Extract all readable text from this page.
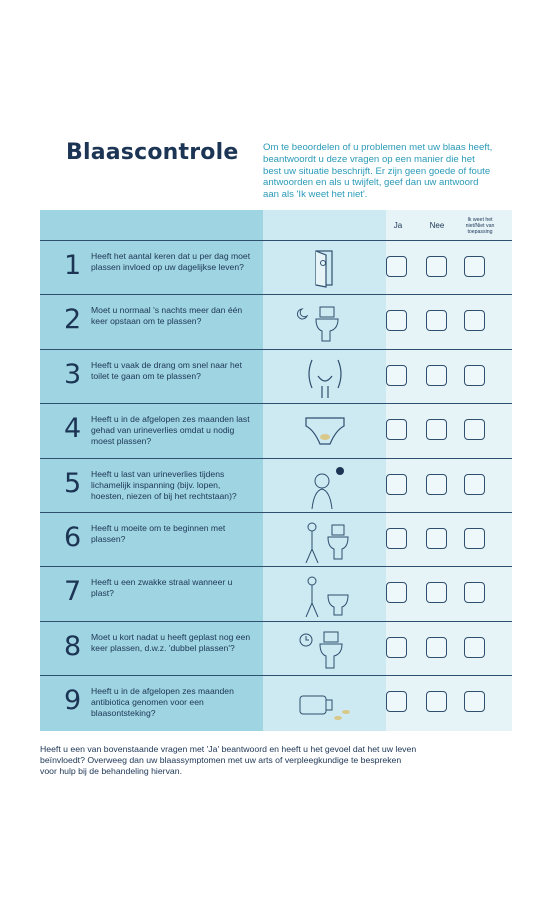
Blaascontrole	Om te beoordelen of u problemen met uw blaas heeft, beantwoordt u deze vragen op een manier die het best uw situatie beschrijft. Er zijn geen goede of foute antwoorden en als u twijfelt, geef dan uw antwoord aan als 'Ik weet het niet'.
Ja	Nee
Ik weet het niet/Niet van toepassing
1 Heeft het aantal keren dat u per dag moet plassen invloed op uw dagelijkse leven?
2 Moet u normaal 's nachts meer dan één keer opstaan om te plassen?
3 Heeft u vaak de drang om snel naar het toilet te gaan om te plassen?
4 Heeft u in de afgelopen zes maanden last gehad van urineverlies omdat u nodig moest plassen?
5 Heeft u last van urineverlies tijdens lichamelijk inspanning (bijv. lopen, hoesten, niezen of bij het rechtstaan)?
6 Heeft u moeite om te beginnen met plassen?
7 Heeft u een zwakke straal wanneer u plast?
8 Moet u kort nadat u heeft geplast nog een keer plassen, d.w.z. 'dubbel plassen'?
9 Heeft u in de afgelopen zes maanden antibiotica genomen voor een blaasontsteking?
Heeft u een van bovenstaande vragen met 'Ja' beantwoord en heeft u het gevoel dat het uw leven beïnvloedt? Overweeg dan uw blaassymptomen met uw arts of verpleegkundige te bespreken voor hulp bij de behandeling hiervan.
